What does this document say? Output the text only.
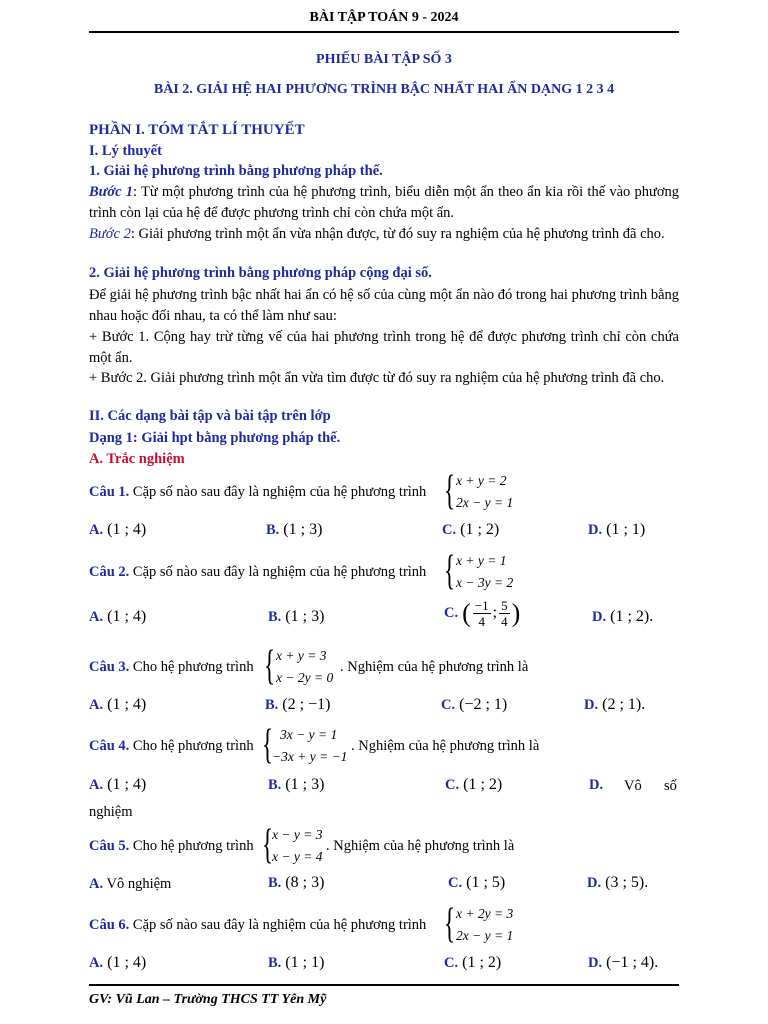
BÀI TẬP TOÁN 9 - 2024
PHIẾU BÀI TẬP SỐ 3
BÀI 2. GIẢI HỆ HAI PHƯƠNG TRÌNH BẬC NHẤT HAI ẨN DẠNG 1 2 3 4
PHẦN I. TÓM TẮT LÍ THUYẾT
I. Lý thuyết
1. Giải hệ phương trình bằng phương pháp thế.
Bước 1: Từ một phương trình của hệ phương trình, biểu diễn một ẩn theo ẩn kia rồi thế vào phương trình còn lại của hệ để được phương trình chỉ còn chứa một ẩn.
Bước 2: Giải phương trình một ẩn vừa nhận được, từ đó suy ra nghiệm của hệ phương trình đã cho.
2. Giải hệ phương trình bằng phương pháp cộng đại số.
Để giải hệ phương trình bậc nhất hai ẩn có hệ số của cùng một ẩn nào đó trong hai phương trình bằng nhau hoặc đối nhau, ta có thể làm như sau:
+ Bước 1. Cộng hay trừ từng vế của hai phương trình trong hệ để được phương trình chỉ còn chứa một ẩn.
+ Bước 2. Giải phương trình một ẩn vừa tìm được từ đó suy ra nghiệm của hệ phương trình đã cho.
II. Các dạng bài tập và bài tập trên lớp
Dạng 1: Giải hpt bằng phương pháp thế.
A. Trắc nghiệm
Câu 1. Cặp số nào sau đây là nghiệm của hệ phương trình { x + y = 2
2x − y = 1
A. (1 ; 4)	B. (1 ; 3)	C. (1 ; 2)	D. (1 ; 1)
Câu 2. Cặp số nào sau đây là nghiệm của hệ phương trình { x + y = 1
x − 3y = 2
A. (1 ; 4)	B. (1 ; 3)	C. ( $\frac{-1}{4}$ ; $\frac{5}{4}$ )	D. (1 ; 2).
Câu 3. Cho hệ phương trình { x + y = 3
x − 2y = 0
. Nghiệm của hệ phương trình là
A. (1 ; 4)	B. (2 ; −1)	C. (−2 ; 1)	D. (2 ; 1).
Câu 4. Cho hệ phương trình { 3x − y = 1
−3x + y = −1
. Nghiệm của hệ phương trình là
A. (1 ; 4)	B. (1 ; 3)	C. (1 ; 2)	D. Vô số
nghiệm
Câu 5. Cho hệ phương trình {
x − y = 3
x − y = 4
. Nghiệm của hệ phương trình là
A. Vô nghiệm	B. (8 ; 3)	C. (1 ; 5)	D. (3 ; 5).
Câu 6. Cặp số nào sau đây là nghiệm của hệ phương trình { x + 2y = 3
2x − y = 1
A. (1 ; 4)	B. (1 ; 1)	C. (1 ; 2)	D. (−1 ; 4).
GV: Vũ Lan – Trường THCS TT Yên Mỹ
